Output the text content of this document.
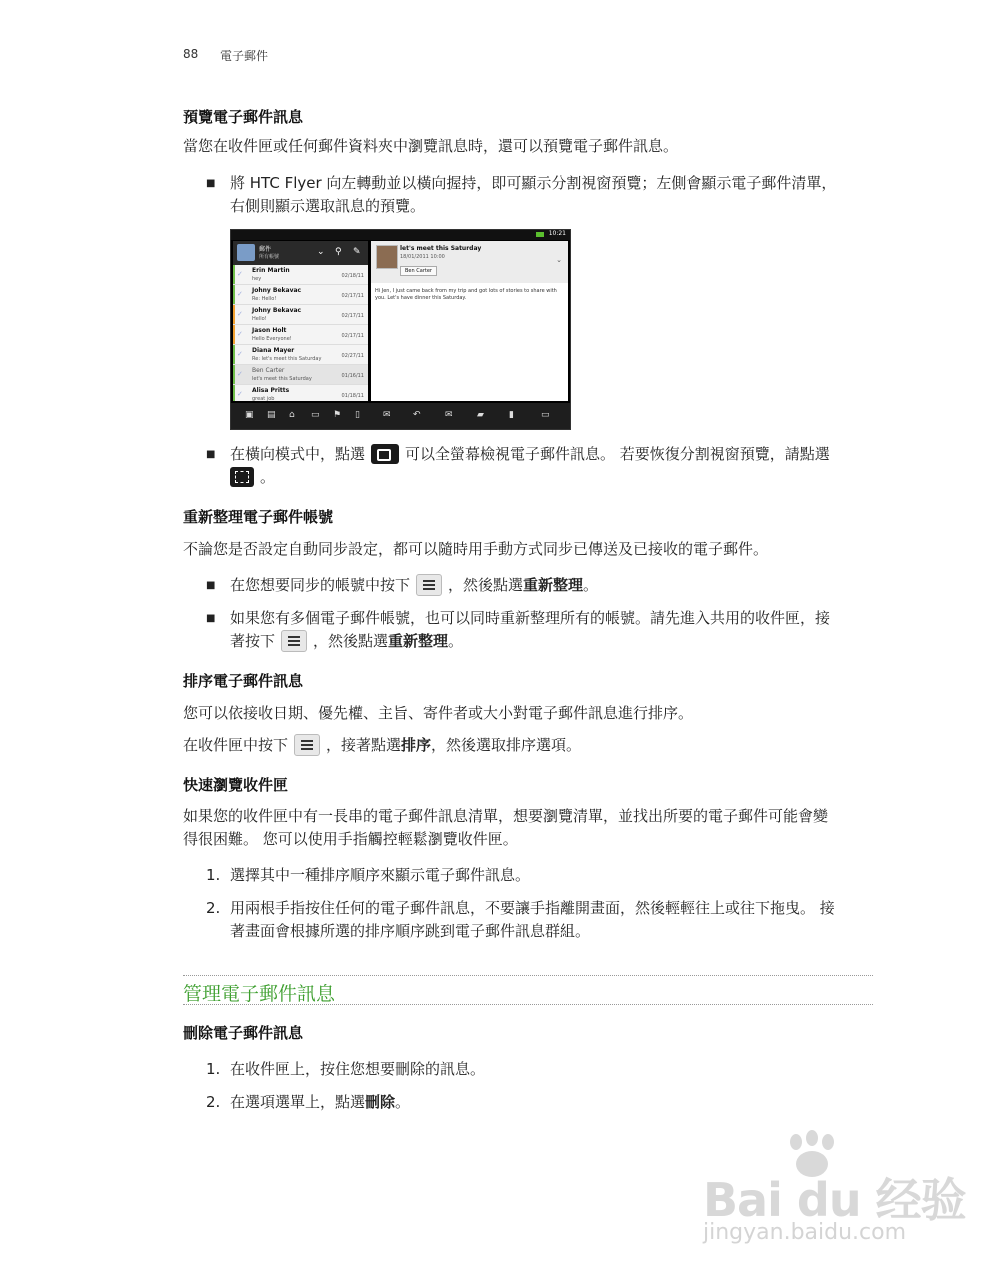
88 電子郵件
預覽電子郵件訊息
當您在收件匣或任何郵件資料夾中瀏覽訊息時，還可以預覽電子郵件訊息。
■ 將 HTC Flyer 向左轉動並以橫向握持，即可顯示分割視窗預覽；左側會顯示電子郵件清單，
右側則顯示選取訊息的預覽。
10:21
郵件
所有帳號	⌄ ⚲ ✎
✓ Erin Martin
hey	02/18/11
✓ Johny Bekavac
Re: Hello!	02/17/11
✓ Johny Bekavac
Hello!	02/17/11
✓ Jason Holt
Hello Everyone!	02/17/11
✓ Diana Mayer
Re: let's meet this Saturday	02/27/11
✓ Ben Carter
let's meet this Saturday	01/16/11
✓ Alisa Pritts
great job	01/18/11
let's meet this Saturday
18/01/2011 10:00
Ben Carter
⌄
Hi Jen, I just came back from my trip and got lots of stories to share with you. Let's have dinner this Saturday.
▣ ▤ ⌂ ▭ ⚑ ▯	✉ ↶	✉	▰	▮	▭
■ 在橫向模式中，點選	可以全螢幕檢視電子郵件訊息。 若要恢復分割視窗預覽，請點選
。
重新整理電子郵件帳號
不論您是否設定自動同步設定，都可以隨時用手動方式同步已傳送及已接收的電子郵件。
■ 在您想要同步的帳號中按下	，然後點選重新整理。
■ 如果您有多個電子郵件帳號，也可以同時重新整理所有的帳號。請先進入共用的收件匣，接
著按下	，然後點選重新整理。
排序電子郵件訊息
您可以依接收日期、優先權、主旨、寄件者或大小對電子郵件訊息進行排序。
在收件匣中按下	，接著點選排序，然後選取排序選項。
快速瀏覽收件匣
如果您的收件匣中有一長串的電子郵件訊息清單，想要瀏覽清單，並找出所要的電子郵件可能會變
得很困難。 您可以使用手指觸控輕鬆瀏覽收件匣。
1. 選擇其中一種排序順序來顯示電子郵件訊息。
2. 用兩根手指按住任何的電子郵件訊息，不要讓手指離開畫面，然後輕輕往上或往下拖曳。 接
著畫面會根據所選的排序順序跳到電子郵件訊息群組。
管理電子郵件訊息
刪除電子郵件訊息
1. 在收件匣上，按住您想要刪除的訊息。
2. 在選項選單上，點選刪除。
Bai du 经验
jingyan.baidu.com
